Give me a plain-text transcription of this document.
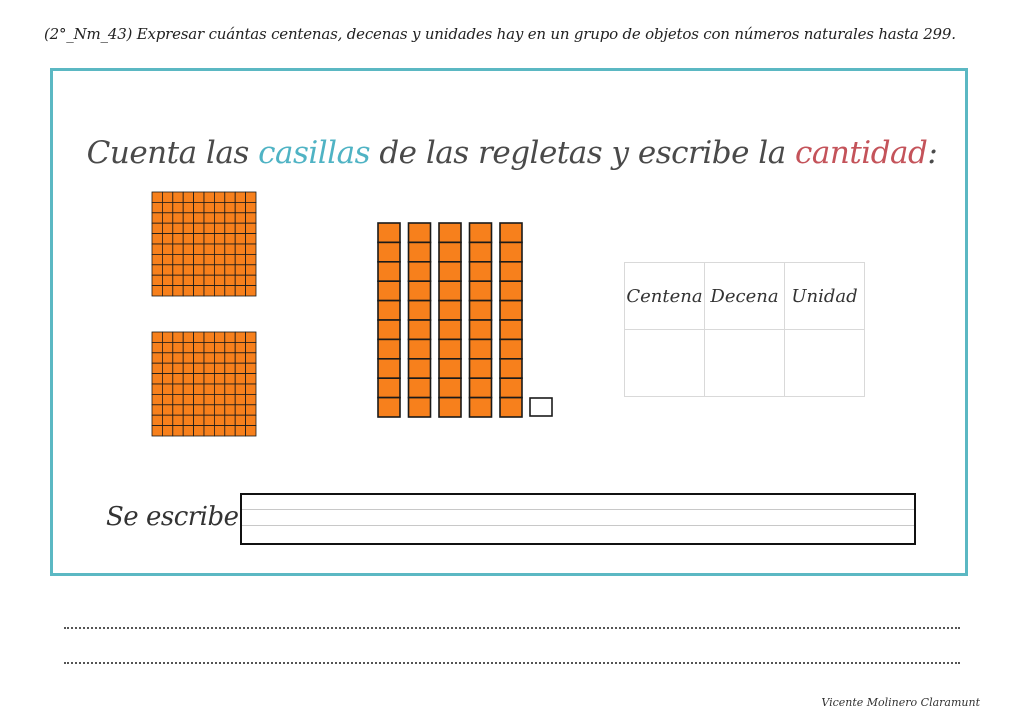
(2°_Nm_43) Expresar cuántas centenas, decenas y unidades hay en un grupo de objetos con números naturales hasta 299.
Cuenta las casillas de las regletas y escribe la cantidad:
Centena	Decena	Unidad

Se escribe
Vicente Molinero Claramunt
